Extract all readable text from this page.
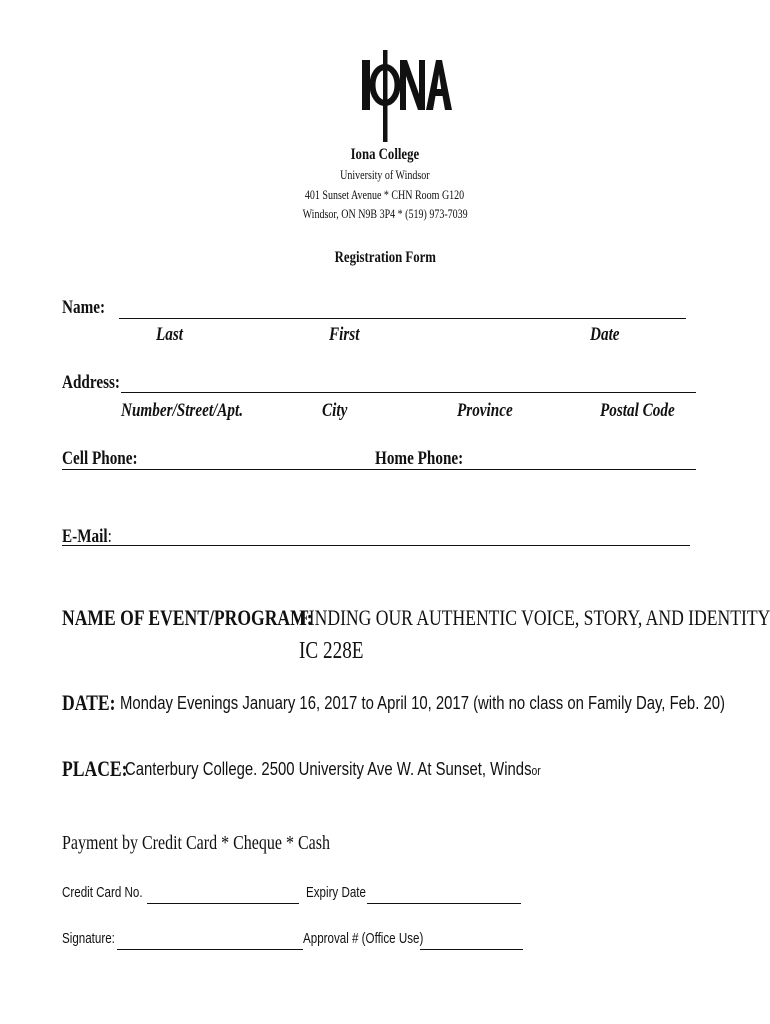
Iona College
University of Windsor
401 Sunset Avenue * CHN Room G120
Windsor, ON N9B 3P4 * (519) 973-7039
Registration Form
Name:
Last	First	Date
Address:
Number/Street/Apt.	City	Province	Postal Code
Cell Phone:	Home Phone:
E-Mail:
NAME OF EVENT/PROGRAM:
FINDING OUR AUTHENTIC VOICE, STORY, AND IDENTITY
IC 228E
DATE: Monday Evenings January 16, 2017 to April 10, 2017 (with no class on Family Day, Feb. 20)
PLACE:
Canterbury College. 2500 University Ave W. At Sunset, Windsor
Payment by Credit Card * Cheque * Cash
Credit Card No.	Expiry Date
Signature:	Approval # (Office Use)
